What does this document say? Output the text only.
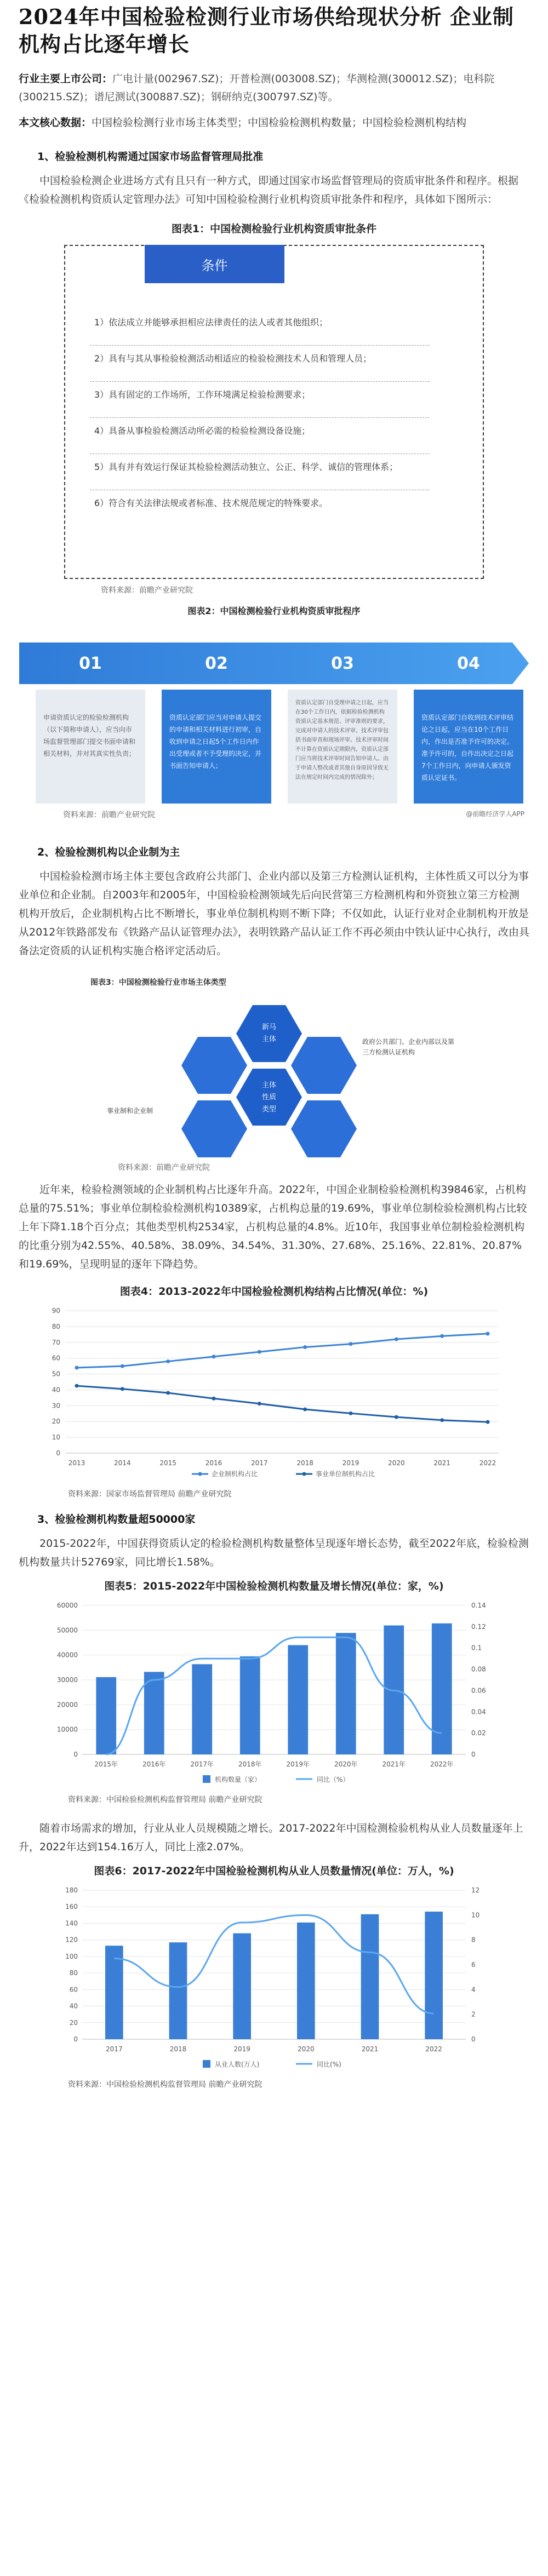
2024年中国检验检测行业市场供给现状分析 企业制机构占比逐年增长

行业主要上市公司：广电计量(002967.SZ)；开普检测(003008.SZ)；华测检测(300012.SZ)；电科院(300215.SZ)；谱尼测试(300887.SZ)；钢研纳克(300797.SZ)等。

本文核心数据：中国检验检测行业市场主体类型；中国检验检测机构数量；中国检验检测机构结构

1、检验检测机构需通过国家市场监督管理局批准

中国检验检测企业进场方式有且只有一种方式，即通过国家市场监督管理局的资质审批条件和程序。根据《检验检测机构资质认定管理办法》可知中国检验检测行业机构资质审批条件和程序，具体如下图所示：

图表1：中国检测检验行业机构资质审批条件
条件
1）依法成立并能够承担相应法律责任的法人或者其他组织；
2）具有与其从事检验检测活动相适应的检验检测技术人员和管理人员；
3）具有固定的工作场所，工作环境满足检验检测要求；
4）具备从事检验检测活动所必需的检验检测设备设施；
5）具有并有效运行保证其检验检测活动独立、公正、科学、诚信的管理体系；
6）符合有关法律法规或者标准、技术规范规定的特殊要求。
资料来源：前瞻产业研究院
图表2：中国检测检验行业机构资质审批程序
01	02	03	04
申请资质认定的检验检测机构（以下简称申请人），应当向市场监督管理部门提交书面申请和相关材料，并对其真实性负责；
资质认定部门应当对申请人提交的申请和相关材料进行初审，自收到申请之日起5个工作日内作出受理或者不予受理的决定，并书面告知申请人；
资质认定部门自受理申请之日起，应当在30个工作日内，依据检验检测机构资质认定基本规范、评审准则的要求，完成对申请人的技术评审。技术评审包括书面审查和现场评审。技术评审时间不计算在资质认定期限内，资质认定部门应当将技术评审时间告知申请人。由于申请人整改或者其他自身原因导致无法在规定时间内完成的情况除外；
资质认定部门自收到技术评审结论之日起，应当在10个工作日内，作出是否准予许可的决定。准予许可的，自作出决定之日起7个工作日内，向申请人颁发资质认定证书。
资料来源：前瞻产业研究院	@前瞻经济学人APP
2、检验检测机构以企业制为主

中国检验检测市场主体主要包含政府公共部门、企业内部以及第三方检测认证机构，主体性质又可以分为事业单位和企业制。自2003年和2005年，中国检验检测领域先后向民营第三方检测机构和外资独立第三方检测机构开放后，企业制机构占比不断增长，事业单位制机构则不断下降；不仅如此，认证行业对企业制机构开放是从2012年铁路部发布《铁路产品认证管理办法》，表明铁路产品认证工作不再必须由中铁认证中心执行，改由具备法定资质的认证机构实施合格评定活动后。

图表3：中国检测检验行业市场主体类型
新马
主体
主体
性质
类型
政府公共部门、企业内部以及第三方检测认证机构
事业制和企业制
资料来源：前瞻产业研究院

近年来，检验检测领域的企业制机构占比逐年升高。2022年，中国企业制检验检测机构39846家，占机构总量的75.51%；事业单位制检验检测机构10389家，占机构总量的19.69%，事业单位制检验检测机构占比较上年下降1.18个百分点；其他类型机构2534家，占机构总量的4.8%。近10年，我国事业单位制检验检测机构的比重分别为42.55%、40.58%、38.09%、34.54%、31.30%、27.68%、25.16%、22.81%、20.87%和19.69%，呈现明显的逐年下降趋势。

图表4：2013-2022年中国检验检测机构结构占比情况(单位：%)
0
10
20
30
40
50
60
70
80
90
2013	2014	2015	2016	2017	2018	2019	2020	2021	2022
企业制机构占比	事业单位制机构占比
资料来源：国家市场监督管理局 前瞻产业研究院
3、检验检测机构数量超50000家

2015-2022年，中国获得资质认定的检验检测机构数量整体呈现逐年增长态势，截至2022年底，检验检测机构数量共计52769家，同比增长1.58%。

图表5：2015-2022年中国检验检测机构数量及增长情况(单位：家，%)
0
10000
20000
30000
40000
50000
60000
0
0.02
0.04
0.06
0.08
0.1
0.12
0.14
2015年	2016年	2017年	2018年	2019年	2020年	2021年	2022年
机构数量（家）	同比（%）
资料来源：中国检验检测机构监督管理局 前瞻产业研究院

随着市场需求的增加，行业从业人员规模随之增长。2017-2022年中国检测检验机构从业人员数量逐年上升，2022年达到154.16万人，同比上涨2.07%。

图表6：2017-2022年中国检验检测机构从业人员数量情况(单位：万人，%)
0
20
40
60
80
100
120
140
160
180
0
2
4
6
8
10
12
2017	2018	2019	2020	2021	2022
从业人数(万人)	同比(%)
资料来源：中国检验检测机构监督管理局 前瞻产业研究院
